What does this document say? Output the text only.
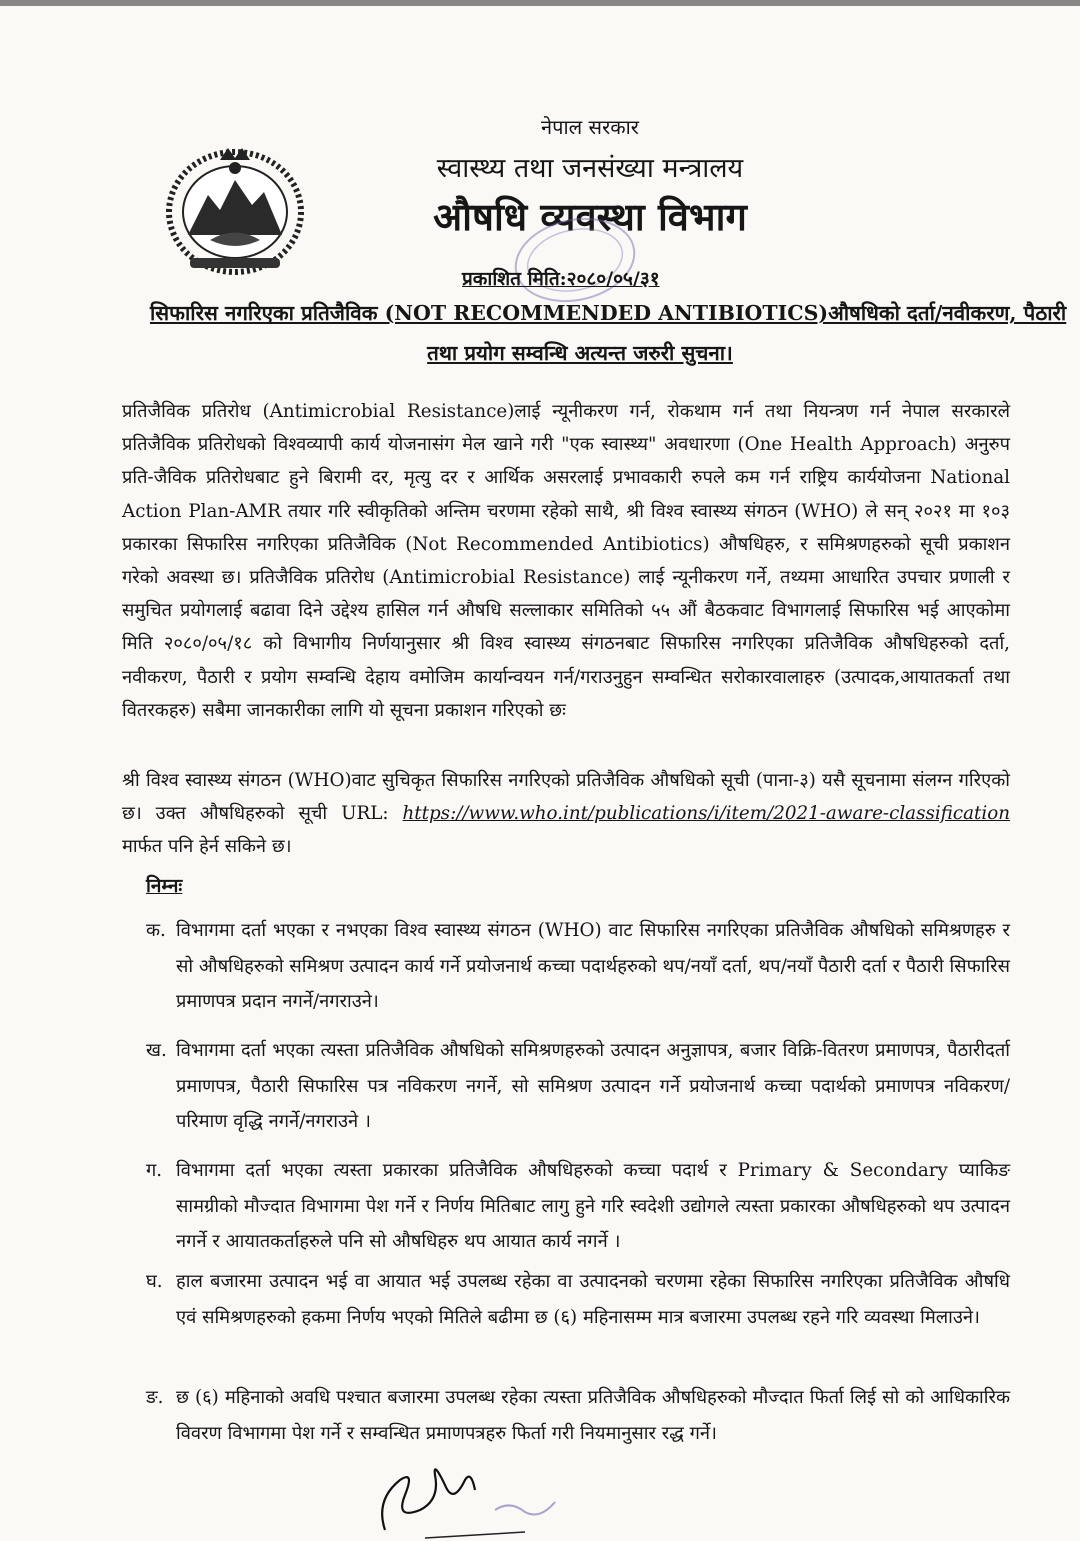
नेपाल सरकार
स्वास्थ्य तथा जनसंख्या मन्त्रालय
औषधि व्यवस्था विभाग
प्रकाशित मिति:२०८०/०५/३१
सिफारिस नगरिएका प्रतिजैविक (NOT RECOMMENDED ANTIBIOTICS)औषधिको दर्ता/नवीकरण, पैठारी
तथा प्रयोग सम्वन्धि अत्यन्त जरुरी सुचना।
प्रतिजैविक प्रतिरोध (Antimicrobial Resistance)लाई न्यूनीकरण गर्न, रोकथाम गर्न तथा नियन्त्रण गर्न नेपाल सरकारले प्रतिजैविक प्रतिरोधको विश्वव्यापी कार्य योजनासंग मेल खाने गरी "एक स्वास्थ्य" अवधारणा (One Health Approach) अनुरुप प्रति-जैविक प्रतिरोधबाट हुने बिरामी दर, मृत्यु दर र आर्थिक असरलाई प्रभावकारी रुपले कम गर्न राष्ट्रिय कार्ययोजना National Action Plan-AMR तयार गरि स्वीकृतिको अन्तिम चरणमा रहेको साथै, श्री विश्व स्वास्थ्य संगठन (WHO) ले सन् २०२१ मा १०३ प्रकारका सिफारिस नगरिएका प्रतिजैविक (Not Recommended Antibiotics) औषधिहरु, र समिश्रणहरुको सूची प्रकाशन गरेको अवस्था छ। प्रतिजैविक प्रतिरोध (Antimicrobial Resistance) लाई न्यूनीकरण गर्ने, तथ्यमा आधारित उपचार प्रणाली र समुचित प्रयोगलाई बढावा दिने उद्देश्य हासिल गर्न औषधि सल्लाकार समितिको ५५ औं बैठकवाट विभागलाई सिफारिस भई आएकोमा मिति २०८०/०५/१८ को विभागीय निर्णयानुसार श्री विश्व स्वास्थ्य संगठनबाट सिफारिस नगरिएका प्रतिजैविक औषधिहरुको दर्ता, नवीकरण, पैठारी र प्रयोग सम्वन्धि देहाय वमोजिम कार्यान्वयन गर्न/गराउनुहुन सम्वन्धित सरोकारवालाहरु (उत्पादक,आयातकर्ता तथा वितरकहरु) सबैमा जानकारीका लागि यो सूचना प्रकाशन गरिएको छः
श्री विश्व स्वास्थ्य संगठन (WHO)वाट सुचिकृत सिफारिस नगरिएको प्रतिजैविक औषधिको सूची (पाना-३) यसै सूचनामा संलग्न गरिएको छ। उक्त औषधिहरुको सूची URL: https://www.who.int/publications/i/item/2021-aware-classification मार्फत पनि हेर्न सकिने छ।
निम्नः
क. विभागमा दर्ता भएका र नभएका विश्व स्वास्थ्य संगठन (WHO) वाट सिफारिस नगरिएका प्रतिजैविक औषधिको समिश्रणहरु र सो औषधिहरुको समिश्रण उत्पादन कार्य गर्ने प्रयोजनार्थ कच्चा पदार्थहरुको थप/नयाँ दर्ता, थप/नयाँ पैठारी दर्ता र पैठारी सिफारिस प्रमाणपत्र प्रदान नगर्ने/नगराउने।
ख. विभागमा दर्ता भएका त्यस्ता प्रतिजैविक औषधिको समिश्रणहरुको उत्पादन अनुज्ञापत्र, बजार विक्रि-वितरण प्रमाणपत्र, पैठारीदर्ता प्रमाणपत्र, पैठारी सिफारिस पत्र नविकरण नगर्ने, सो समिश्रण उत्पादन गर्ने प्रयोजनार्थ कच्चा पदार्थको प्रमाणपत्र नविकरण/परिमाण वृद्धि नगर्ने/नगराउने ।
ग. विभागमा दर्ता भएका त्यस्ता प्रकारका प्रतिजैविक औषधिहरुको कच्चा पदार्थ र Primary & Secondary प्याकिङ सामग्रीको मौज्दात विभागमा पेश गर्ने र निर्णय मितिबाट लागु हुने गरि स्वदेशी उद्योगले त्यस्ता प्रकारका औषधिहरुको थप उत्पादन नगर्ने र आयातकर्ताहरुले पनि सो औषधिहरु थप आयात कार्य नगर्ने ।
घ. हाल बजारमा उत्पादन भई वा आयात भई उपलब्ध रहेका वा उत्पादनको चरणमा रहेका सिफारिस नगरिएका प्रतिजैविक औषधि एवं समिश्रणहरुको हकमा निर्णय भएको मितिले बढीमा छ (६) महिनासम्म मात्र बजारमा उपलब्ध रहने गरि व्यवस्था मिलाउने।
ङ. छ (६) महिनाको अवधि पश्चात बजारमा उपलब्ध रहेका त्यस्ता प्रतिजैविक औषधिहरुको मौज्दात फिर्ता लिई सो को आधिकारिक विवरण विभागमा पेश गर्ने र सम्वन्धित प्रमाणपत्रहरु फिर्ता गरी नियमानुसार रद्ध गर्ने।
